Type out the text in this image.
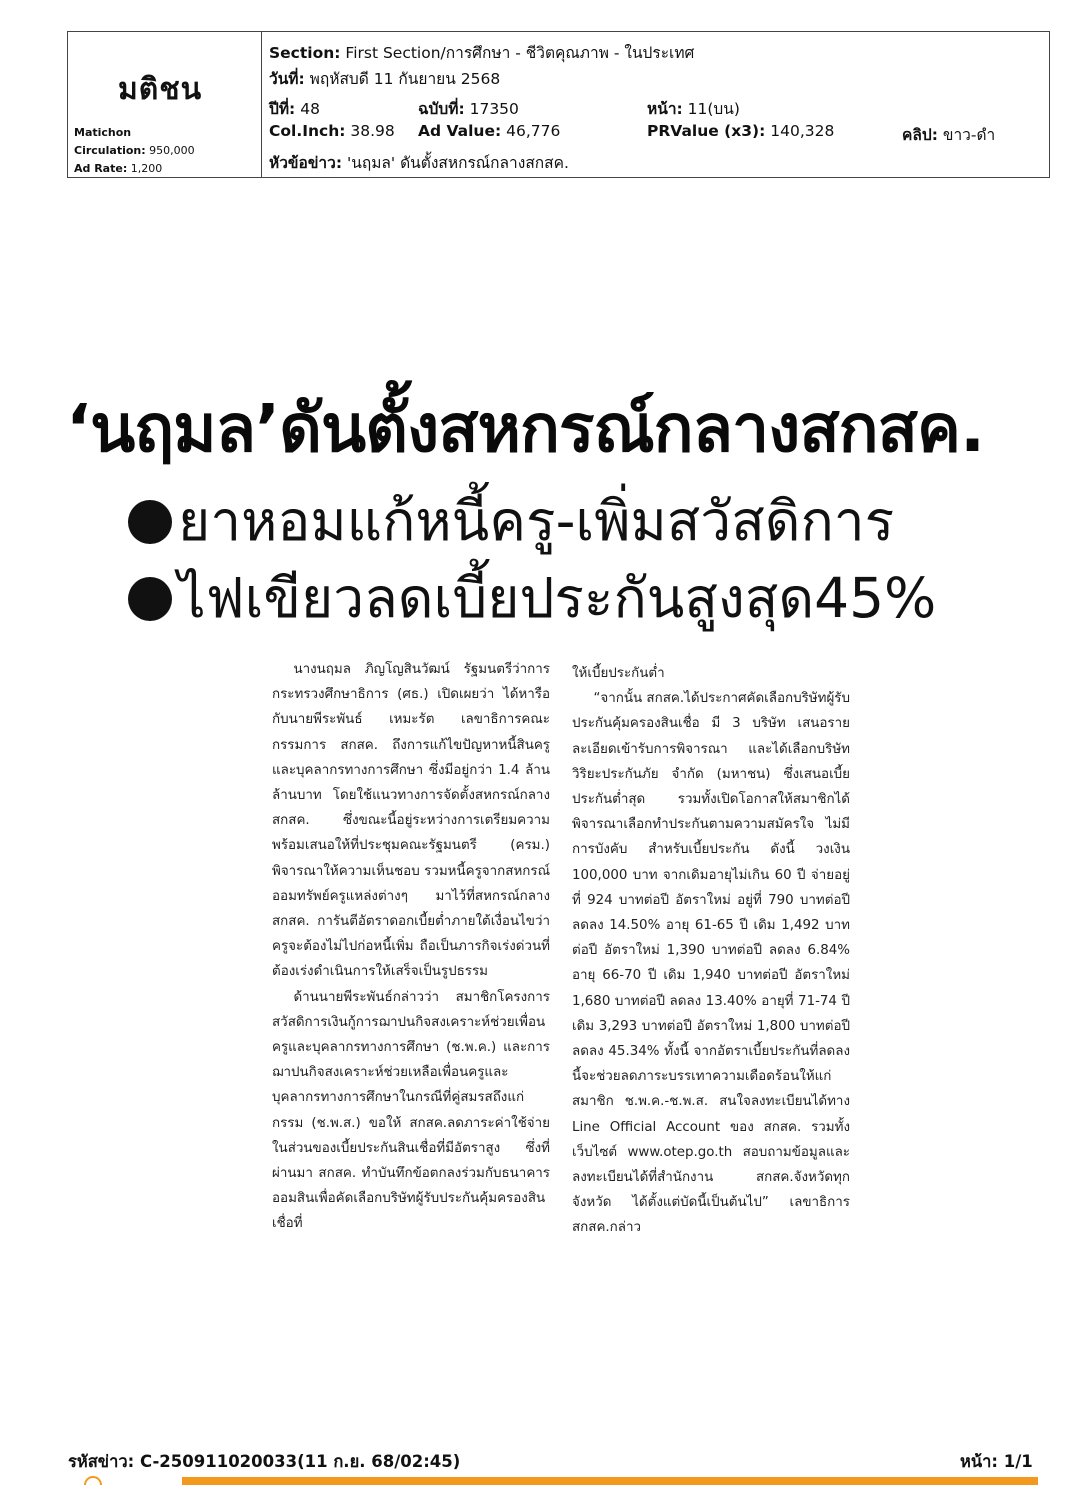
มติชน
Matichon
Circulation: 950,000
Ad Rate: 1,200
Section: First Section/การศึกษา - ชีวิตคุณภาพ - ในประเทศ
วันที่: พฤหัสบดี 11 กันยายน 2568
ปีที่: 48	ฉบับที่: 17350	หน้า: 11(บน)
Col.Inch: 38.98 Ad Value: 46,776	PRValue (x3): 140,328	คลิป: ขาว-ดำ
หัวข้อข่าว: 'นฤมล' ดันตั้งสหกรณ์กลางสกสค.
‘นฤมล’ดันตั้งสหกรณ์กลางสกสค.
ยาหอมแก้หนี้ครู-เพิ่มสวัสดิการ
ไฟเขียวลดเบี้ยประกันสูงสุด45%

นางนฤมล ภิญโญสินวัฒน์ รัฐมนตรีว่าการกระทรวงศึกษาธิการ (ศธ.) เปิดเผยว่า ได้หารือกับนายพีระพันธ์ เหมะรัต เลขาธิการคณะกรรมการ สกสค. ถึงการแก้ไขปัญหาหนี้สินครูและบุคลากรทางการศึกษา ซึ่งมีอยู่กว่า 1.4 ล้านล้านบาท โดยใช้แนวทางการจัดตั้งสหกรณ์กลาง สกสค. ซึ่งขณะนี้อยู่ระหว่างการเตรียมความพร้อมเสนอให้ที่ประชุมคณะรัฐมนตรี (ครม.) พิจารณาให้ความเห็นชอบ รวมหนี้ครูจากสหกรณ์ออมทรัพย์ครูแหล่งต่างๆ มาไว้ที่สหกรณ์กลาง สกสค. การันตีอัตราดอกเบี้ยต่ำภายใต้เงื่อนไขว่าครูจะต้องไม่ไปก่อหนี้เพิ่ม ถือเป็นภารกิจเร่งด่วนที่ต้องเร่งดำเนินการให้เสร็จเป็นรูปธรรม

ด้านนายพีระพันธ์กล่าวว่า สมาชิกโครงการสวัสดิการเงินกู้การฌาปนกิจสงเคราะห์ช่วยเพื่อนครูและบุคลากรทางการศึกษา (ช.พ.ค.) และการฌาปนกิจสงเคราะห์ช่วยเหลือเพื่อนครูและบุคลากรทางการศึกษาในกรณีที่คู่สมรสถึงแก่กรรม (ช.พ.ส.) ขอให้ สกสค.ลดภาระค่าใช้จ่ายในส่วนของเบี้ยประกันสินเชื่อที่มีอัตราสูง ซึ่งที่ผ่านมา สกสค. ทำบันทึกข้อตกลงร่วมกับธนาคารออมสินเพื่อคัดเลือกบริษัทผู้รับประกันคุ้มครองสินเชื่อที่

ให้เบี้ยประกันต่ำ

“จากนั้น สกสค.ได้ประกาศคัดเลือกบริษัทผู้รับประกันคุ้มครองสินเชื่อ มี 3 บริษัท เสนอรายละเอียดเข้ารับการพิจารณา และได้เลือกบริษัท วิริยะประกันภัย จำกัด (มหาชน) ซึ่งเสนอเบี้ยประกันต่ำสุด รวมทั้งเปิดโอกาสให้สมาชิกได้พิจารณาเลือกทำประกันตามความสมัครใจ ไม่มีการบังคับ สำหรับเบี้ยประกัน ดังนี้ วงเงิน 100,000 บาท จากเดิมอายุไม่เกิน 60 ปี จ่ายอยู่ที่ 924 บาทต่อปี อัตราใหม่ อยู่ที่ 790 บาทต่อปี ลดลง 14.50% อายุ 61-65 ปี เดิม 1,492 บาทต่อปี อัตราใหม่ 1,390 บาทต่อปี ลดลง 6.84% อายุ 66-70 ปี เดิม 1,940 บาทต่อปี อัตราใหม่ 1,680 บาทต่อปี ลดลง 13.40% อายุที่ 71-74 ปี เดิม 3,293 บาทต่อปี อัตราใหม่ 1,800 บาทต่อปี ลดลง 45.34% ทั้งนี้ จากอัตราเบี้ยประกันที่ลดลงนี้จะช่วยลดภาระบรรเทาความเดือดร้อนให้แก่สมาชิก ช.พ.ค.-ช.พ.ส. สนใจลงทะเบียนได้ทาง Line Official Account ของ สกสค. รวมทั้งเว็บไซต์ www.otep.go.th สอบถามข้อมูลและลงทะเบียนได้ที่สำนักงาน สกสค.จังหวัดทุกจังหวัด ได้ตั้งแต่บัดนี้เป็นต้นไป” เลขาธิการ สกสค.กล่าว

รหัสข่าว: C-250911020033(11 ก.ย. 68/02:45)	หน้า: 1/1
